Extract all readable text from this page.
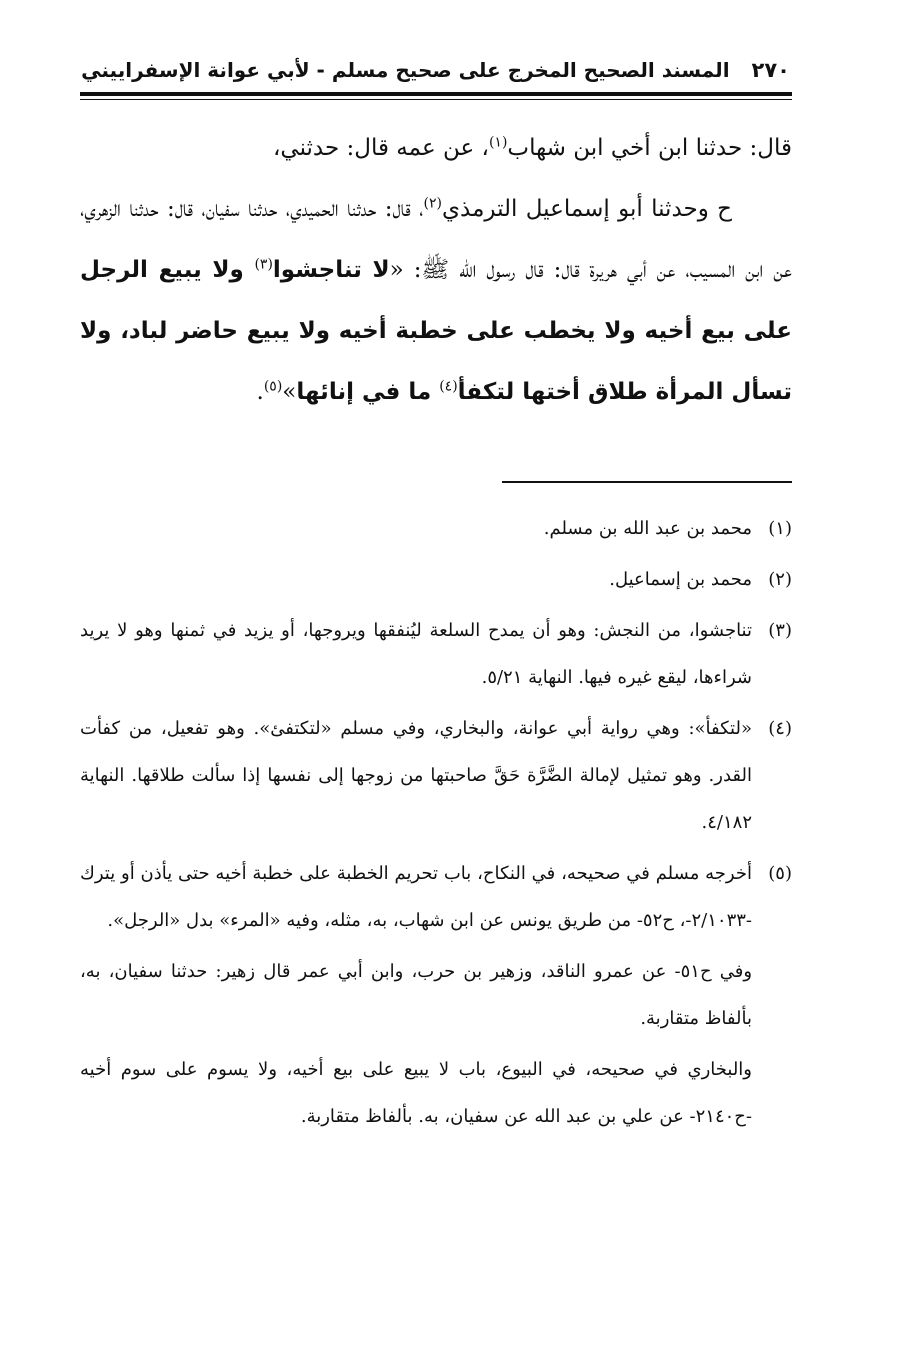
٢٧٠
المسند الصحيح المخرج على صحيح مسلم - لأبي عوانة الإسفراييني

قال: حدثنا ابن أخي ابن شهاب$^{(١)}$، عن عمه قال: حدثني،

ح وحدثنا أبو إسماعيل الترمذي$^{(٢)}$، قال: حدثنا الحميدي، حدثنا سفيان، قال: حدثنا الزهري، عن ابن المسيب، عن أبي هريرة قال: قال رسول الله ﷺ: «لا تناجشوا$^{(٣)}$ ولا يبيع الرجل على بيع أخيه ولا يخطب على خطبة أخيه ولا يبيع حاضر لباد، ولا تسأل المرأة طلاق أختها لتكفأ$^{(٤)}$ ما في إنائها»$^{(٥)}$.

(١)

محمد بن عبد الله بن مسلم.

(٢)

محمد بن إسماعيل.

(٣)

تناجشوا، من النجش: وهو أن يمدح السلعة ليُنفقها ويروجها، أو يزيد في ثمنها وهو لا يريد شراءها، ليقع غيره فيها. النهاية ٥/٢١.

(٤)

«لتكفأ»: وهي رواية أبي عوانة، والبخاري، وفي مسلم «لتكتفئ». وهو تفعيل، من كفأت القدر. وهو تمثيل لإمالة الضَّرَّة حَقَّ صاحبتها من زوجها إلى نفسها إذا سألت طلاقها. النهاية ٤/١٨٢.

(٥)

أخرجه مسلم في صحيحه، في النكاح، باب تحريم الخطبة على خطبة أخيه حتى يأذن أو يترك -٢/١٠٣٣-، ح٥٢- من طريق يونس عن ابن شهاب، به، مثله، وفيه «المرء» بدل «الرجل».

وفي ح٥١- عن عمرو الناقد، وزهير بن حرب، وابن أبي عمر قال زهير: حدثنا سفيان، به، بألفاظ متقاربة.

والبخاري في صحيحه، في البيوع، باب لا يبيع على بيع أخيه، ولا يسوم على سوم أخيه -ح٢١٤٠- عن علي بن عبد الله عن سفيان، به. بألفاظ متقاربة.
